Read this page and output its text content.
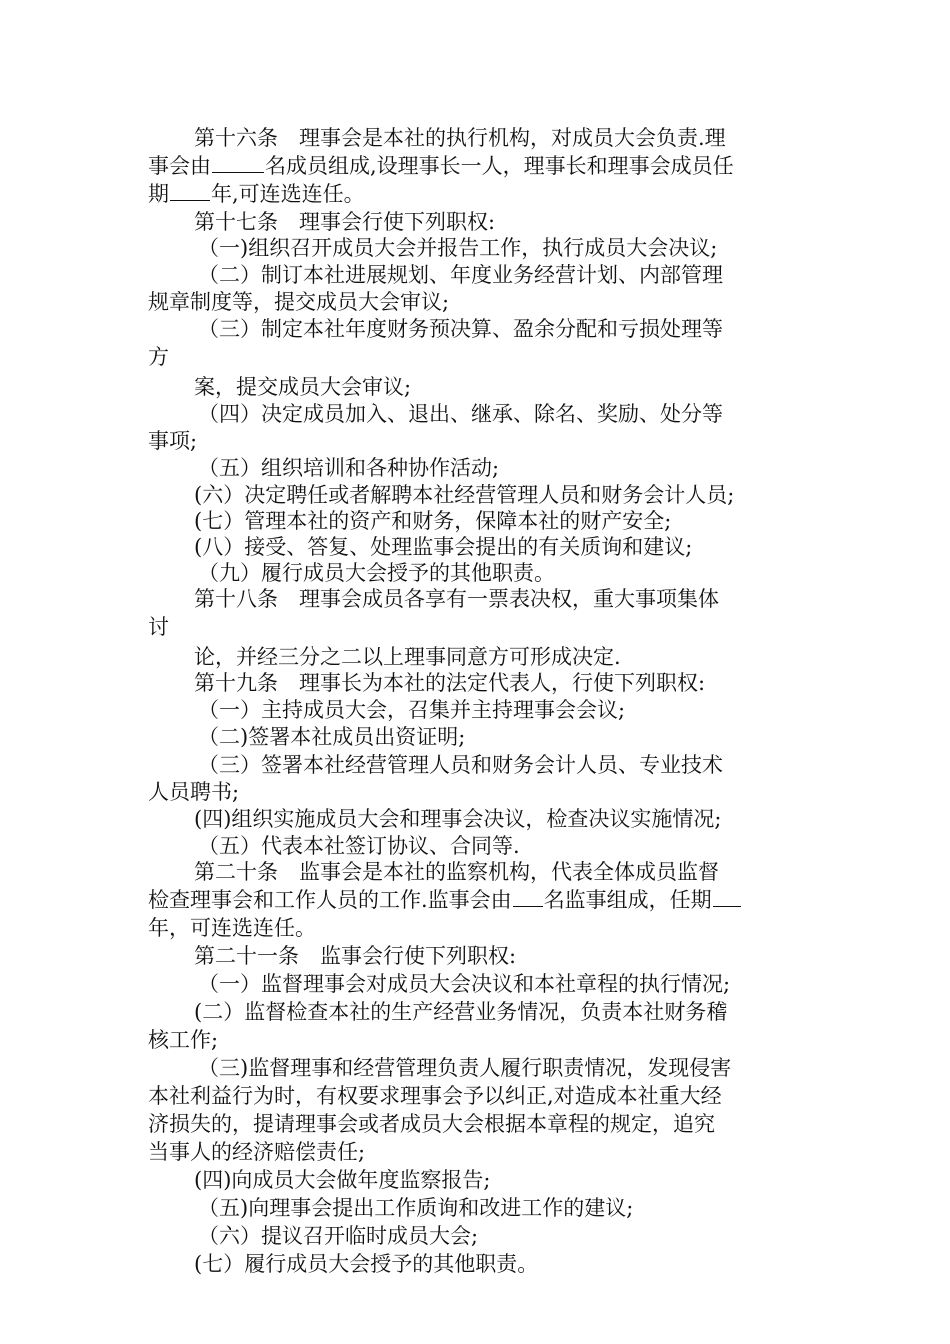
第十六条　理事会是本社的执行机构，对成员大会负责.理
事会由	名成员组成,设理事长一人，理事长和理事会成员任
期 年,可连选连任。
第十七条　理事会行使下列职权:
（一)组织召开成员大会并报告工作，执行成员大会决议;
（二）制订本社进展规划、年度业务经营计划、内部管理
规章制度等，提交成员大会审议;
（三）制定本社年度财务预决算、盈余分配和亏损处理等
方
案，提交成员大会审议;
（四）决定成员加入、退出、继承、除名、奖励、处分等
事项;
（五）组织培训和各种协作活动;
(六）决定聘任或者解聘本社经营管理人员和财务会计人员;
(七）管理本社的资产和财务，保障本社的财产安全;
(八）接受、答复、处理监事会提出的有关质询和建议;
（九）履行成员大会授予的其他职责。
第十八条　理事会成员各享有一票表决权，重大事项集体
讨
论，并经三分之二以上理事同意方可形成决定.
第十九条　理事长为本社的法定代表人，行使下列职权:
（一）主持成员大会，召集并主持理事会会议;
（二)签署本社成员出资证明;
（三）签署本社经营管理人员和财务会计人员、专业技术
人员聘书;
(四)组织实施成员大会和理事会决议，检查决议实施情况;
（五）代表本社签订协议、合同等.
第二十条　监事会是本社的监察机构，代表全体成员监督
检查理事会和工作人员的工作.监事会由 名监事组成，任期
年，可连选连任。
第二十一条　监事会行使下列职权:
（一）监督理事会对成员大会决议和本社章程的执行情况;
(二）监督检查本社的生产经营业务情况，负责本社财务稽
核工作;
（三)监督理事和经营管理负责人履行职责情况，发现侵害
本社利益行为时，有权要求理事会予以纠正,对造成本社重大经
济损失的，提请理事会或者成员大会根据本章程的规定，追究
当事人的经济赔偿责任;
(四)向成员大会做年度监察报告;
（五)向理事会提出工作质询和改进工作的建议;
（六）提议召开临时成员大会;
(七）履行成员大会授予的其他职责。
